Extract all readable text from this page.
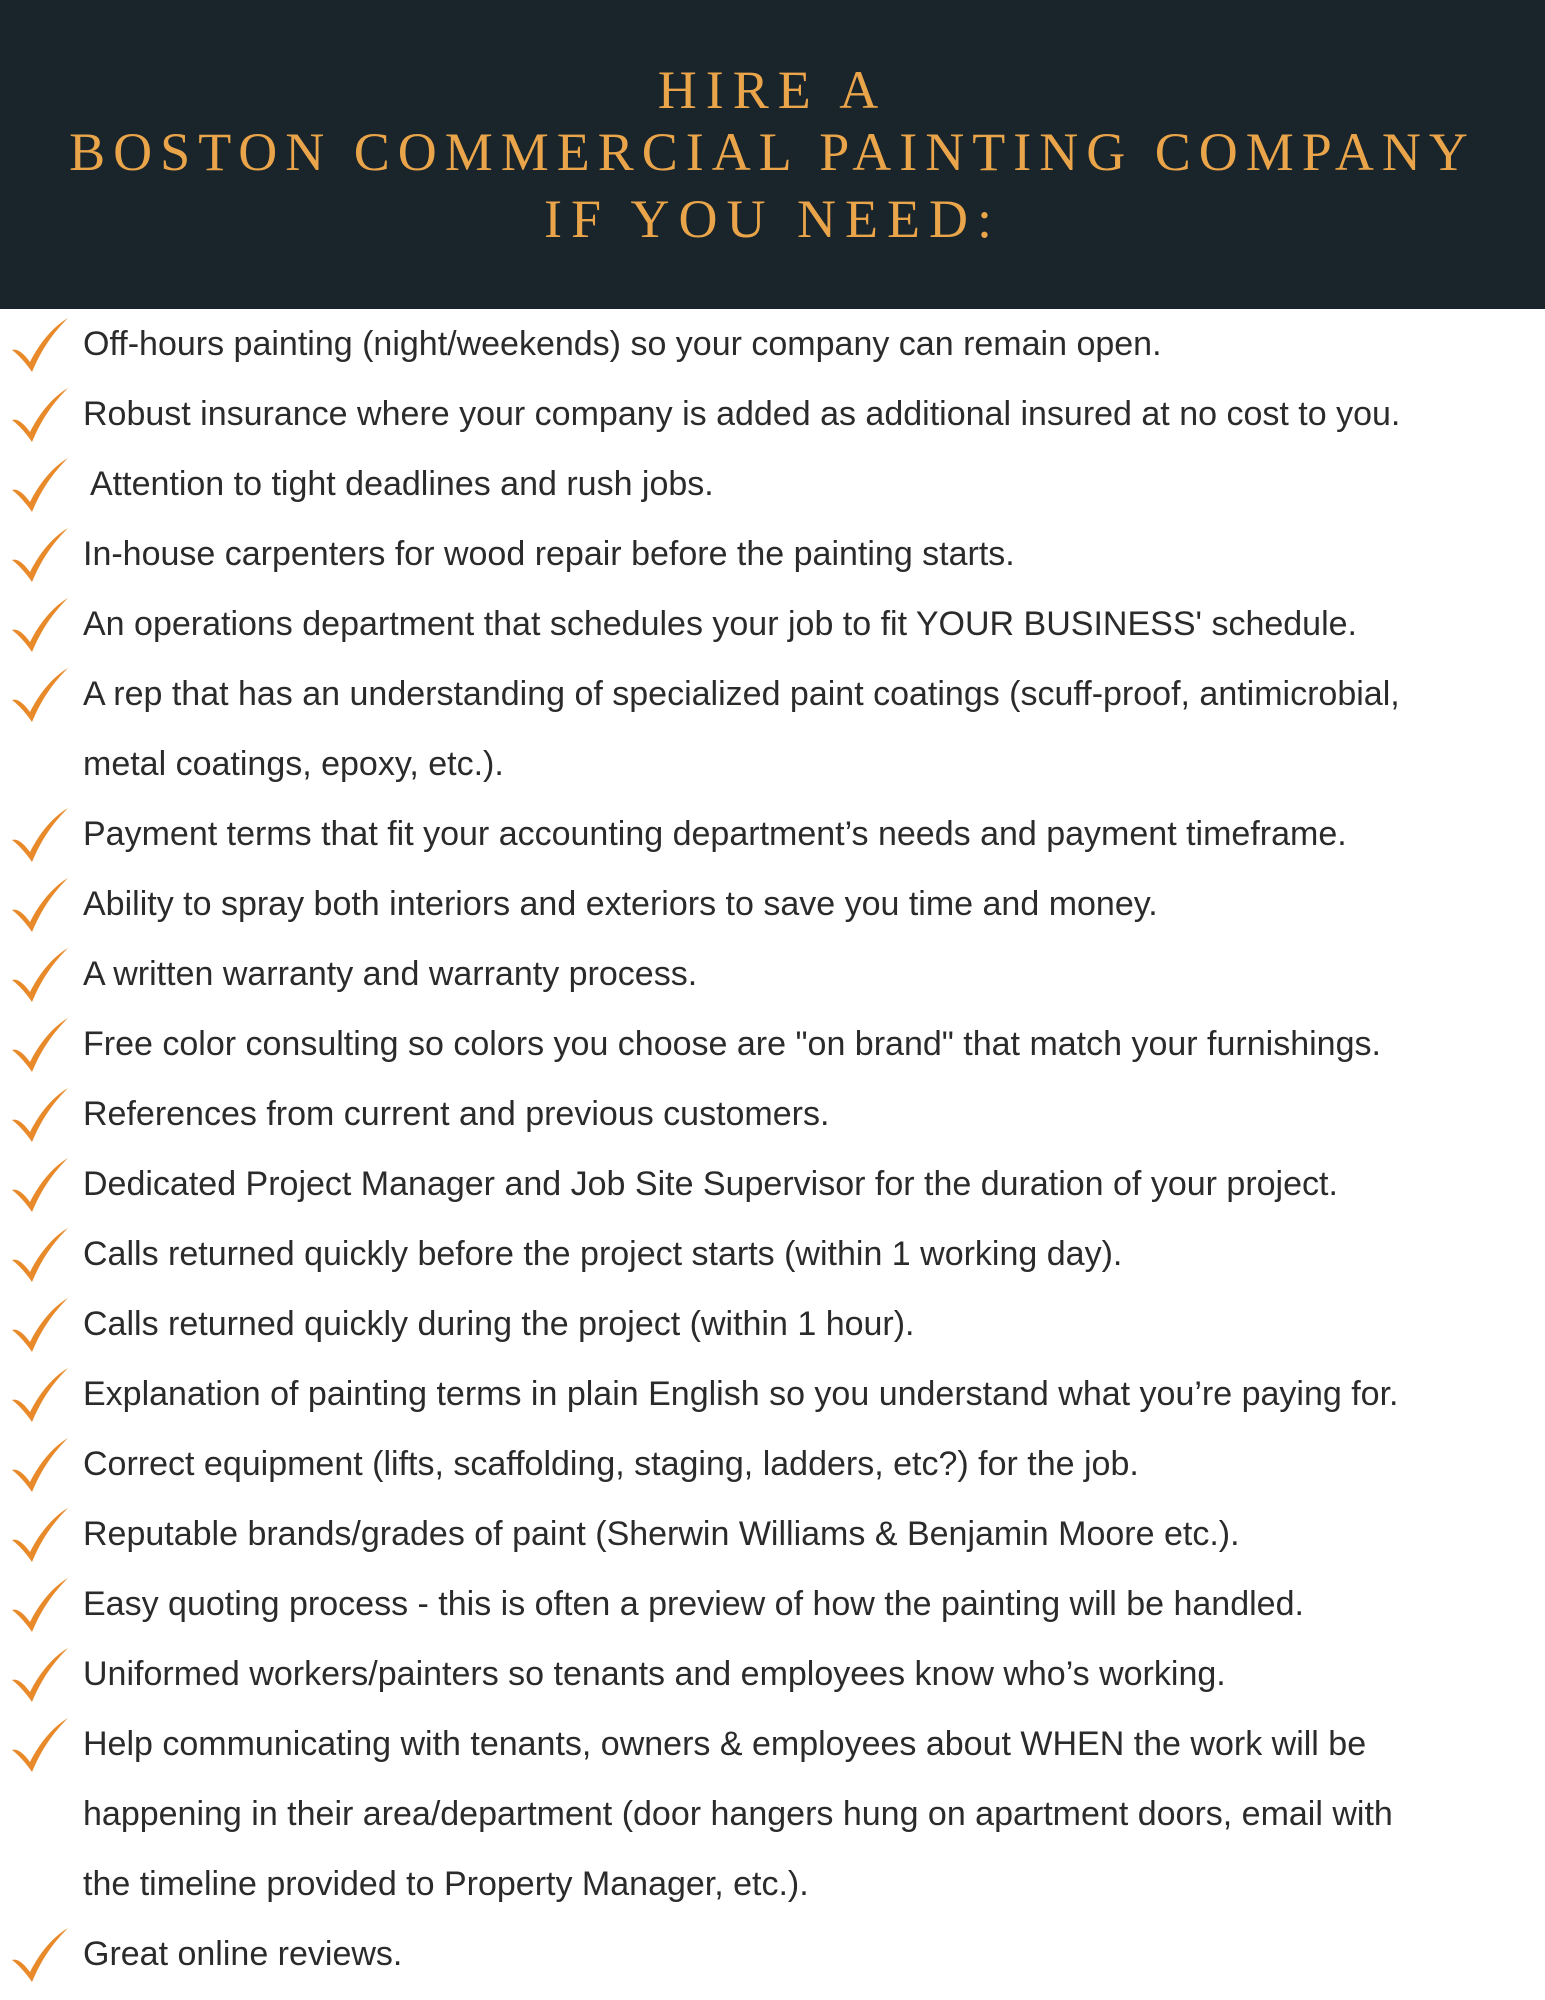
HIRE A
BOSTON COMMERCIAL PAINTING COMPANY
IF YOU NEED:
Off-hours painting (night/weekends) so your company can remain open.
Robust insurance where your company is added as additional insured at no cost to you.
Attention to tight deadlines and rush jobs.
In-house carpenters for wood repair before the painting starts.
An operations department that schedules your job to fit YOUR BUSINESS' schedule.
A rep that has an understanding of specialized paint coatings (scuff-proof, antimicrobial,
metal coatings, epoxy, etc.).
Payment terms that fit your accounting department’s needs and payment timeframe.
Ability to spray both interiors and exteriors to save you time and money.
A written warranty and warranty process.
Free color consulting so colors you choose are "on brand" that match your furnishings.
References from current and previous customers.
Dedicated Project Manager and Job Site Supervisor for the duration of your project.
Calls returned quickly before the project starts (within 1 working day).
Calls returned quickly during the project (within 1 hour).
Explanation of painting terms in plain English so you understand what you’re paying for.
Correct equipment (lifts, scaffolding, staging, ladders, etc?) for the job.
Reputable brands/grades of paint (Sherwin Williams & Benjamin Moore etc.).
Easy quoting process - this is often a preview of how the painting will be handled.
Uniformed workers/painters so tenants and employees know who’s working.
Help communicating with tenants, owners & employees about WHEN the work will be
happening in their area/department (door hangers hung on apartment doors, email with
the timeline provided to Property Manager, etc.).
Great online reviews.
